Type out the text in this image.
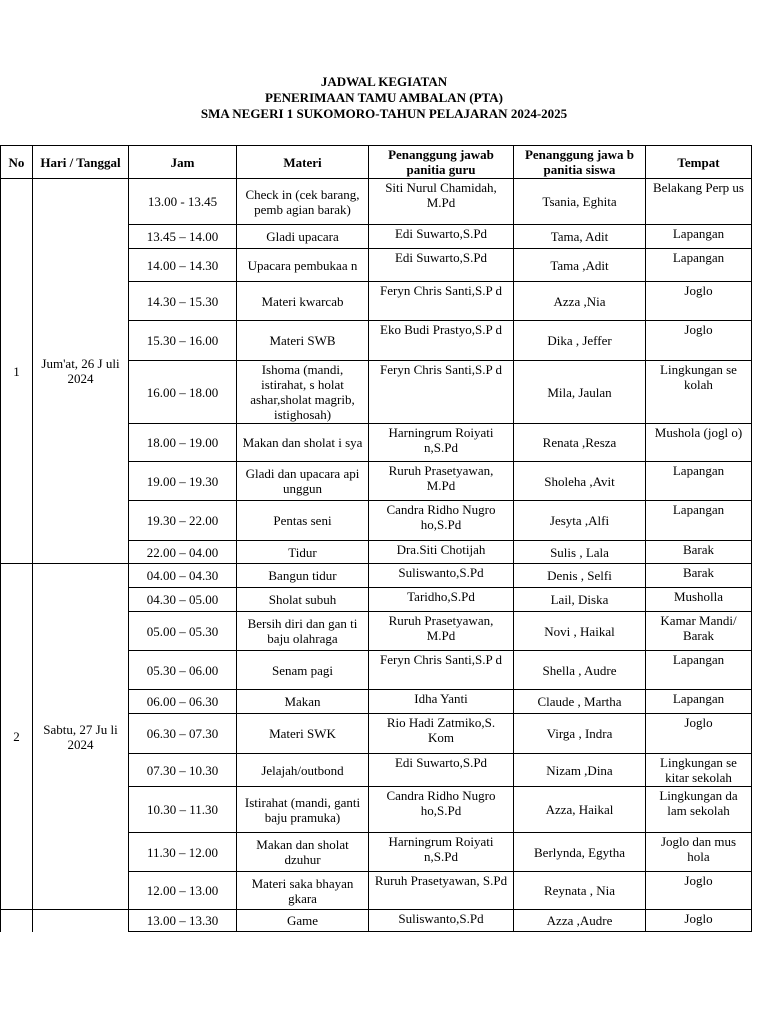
JADWAL KEGIATAN
PENERIMAAN TAMU AMBALAN (PTA)
SMA NEGERI 1 SUKOMORO-TAHUN PELAJARAN 2024-2025
No	Hari / Tanggal	Jam	Materi	Penanggung jawab panitia guru	Penanggung jawa b panitia siswa	Tempat
1	Jum'at, 26 J uli 2024	13.00 - 13.45	Check in (cek barang, pemb agian barak)	Siti Nurul Chamidah, M.Pd	Tsania, Eghita	Belakang Perp us
		13.45 – 14.00	Gladi upacara	Edi Suwarto,S.Pd	Tama, Adit	Lapangan
		14.00 – 14.30	Upacara pembukaa n	Edi Suwarto,S.Pd	Tama ,Adit	Lapangan
		14.30 – 15.30	Materi kwarcab	Feryn Chris Santi,S.P d	Azza ,Nia	Joglo
		15.30 – 16.00	Materi SWB	Eko Budi Prastyo,S.P d	Dika , Jeffer	Joglo
		16.00 – 18.00	Ishoma (mandi, istirahat, s holat ashar,sholat magrib, istighosah)	Feryn Chris Santi,S.P d	Mila, Jaulan	Lingkungan se kolah
		18.00 – 19.00	Makan dan sholat i sya	Harningrum Roiyati n,S.Pd	Renata ,Resza	Mushola (jogl o)
		19.00 – 19.30	Gladi dan upacara api unggun	Ruruh Prasetyawan, M.Pd	Sholeha ,Avit	Lapangan
		19.30 – 22.00	Pentas seni	Candra Ridho Nugro ho,S.Pd	Jesyta ,Alfi	Lapangan
		22.00 – 04.00	Tidur	Dra.Siti Chotijah	Sulis , Lala	Barak
2	Sabtu, 27 Ju li 2024	04.00 – 04.30	Bangun tidur	Suliswanto,S.Pd	Denis , Selfi	Barak
		04.30 – 05.00	Sholat subuh	Taridho,S.Pd	Lail, Diska	Musholla
		05.00 – 05.30	Bersih diri dan gan ti baju olahraga	Ruruh Prasetyawan, M.Pd	Novi , Haikal	Kamar Mandi/ Barak
		05.30 – 06.00	Senam pagi	Feryn Chris Santi,S.P d	Shella , Audre	Lapangan
		06.00 – 06.30	Makan	Idha Yanti	Claude , Martha	Lapangan
		06.30 – 07.30	Materi SWK	Rio Hadi Zatmiko,S. Kom	Virga , Indra	Joglo
		07.30 – 10.30	Jelajah/outbond	Edi Suwarto,S.Pd	Nizam ,Dina	Lingkungan se kitar sekolah
		10.30 – 11.30	Istirahat (mandi, ganti baju pramuka)	Candra Ridho Nugro ho,S.Pd	Azza, Haikal	Lingkungan da lam sekolah
		11.30 – 12.00	Makan dan sholat dzuhur	Harningrum Roiyati n,S.Pd	Berlynda, Egytha	Joglo dan mus hola
		12.00 – 13.00	Materi saka bhayan gkara	Ruruh Prasetyawan, S.Pd	Reynata , Nia	Joglo
		13.00 – 13.30	Game	Suliswanto,S.Pd	Azza ,Audre	Joglo
